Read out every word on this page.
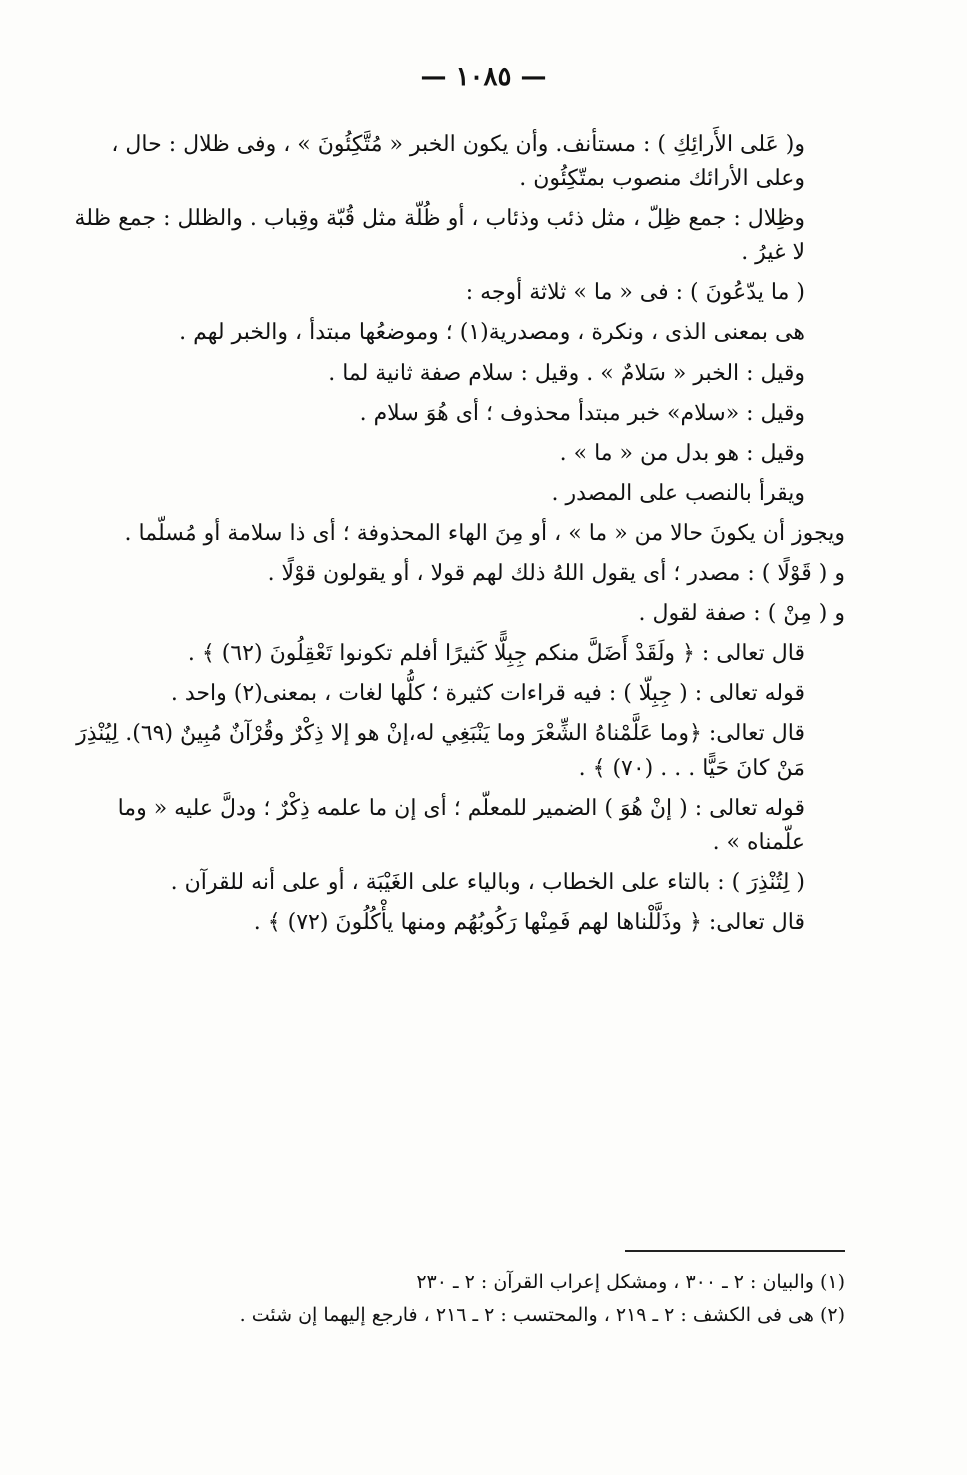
— ١٠٨٥ —

و( عَلى الأَرائِكِ ) : مستأنف. وأن يكون الخبر « مُتَّكِئُونَ » ، وفى ظلال : حال ، وعلى الأرائك منصوب بمتّكِئُون .

وظِلال : جمع ظِلّ ، مثل ذئب وذئاب ، أو ظُلّة مثل قُبّة وقِباب . والظلل : جمع ظلة لا غيرُ .

( ما يدّعُونَ ) : فى « ما » ثلاثة أوجه :

هى بمعنى الذى ، ونكرة ، ومصدرية(١) ؛ وموضعُها مبتدأ ، والخبر لهم .

وقيل : الخبر « سَلامٌ » . وقيل : سلام صفة ثانية لما .

وقيل : «سلام» خبر مبتدأ محذوف ؛ أى هُوَ سلام .

وقيل : هو بدل من « ما » .

ويقرأ بالنصب على المصدر .

ويجوز أن يكونَ حالا من « ما » ، أو مِنَ الهاء المحذوفة ؛ أى ذا سلامة أو مُسلّما .

و ( قَوْلًا ) : مصدر ؛ أى يقول اللهُ ذلك لهم قولا ، أو يقولون قوْلًا .

و ( مِنْ ) : صفة لقول .

قال تعالى : ﴿ ولَقَدْ أَضَلَّ منكم جِبِلًّا كَثيرًا أفلم تكونوا تَعْقِلُونَ (٦٢) ﴾ .

قوله تعالى : ( جِبِلّا ) : فيه قراءات كثيرة ؛ كلُّها لغات ، بمعنى(٢) واحد .

قال تعالى: ﴿وما عَلَّمْناهُ الشِّعْرَ وما يَنْبَغِي له،إنْ هو إلا ذِكْرٌ وقُرْآنٌ مُبِينٌ (٦٩). لِيُنْذِرَ مَنْ كانَ حَيًّا . . . (٧٠) ﴾ .

قوله تعالى : ( إنْ هُوَ ) الضمير للمعلّم ؛ أى إن ما علمه ذِكْرٌ ؛ ودلَّ عليه « وما علّمناه » .

( لِتُنْذِرَ ) : بالتاء على الخطاب ، وبالياء على الغَيْبَة ، أو على أنه للقرآن .

قال تعالى: ﴿ وذَلَّلْناها لهم فَمِنْها رَكُوبُهُم ومنها يأْكُلُونَ (٧٢) ﴾ .

(١) والبيان : ٢ ـ ٣٠٠ ، ومشكل إعراب القرآن : ٢ ـ ٢٣٠

(٢) هى فى الكشف : ٢ ـ ٢١٩ ، والمحتسب : ٢ ـ ٢١٦ ، فارجع إليهما إن شئت .
